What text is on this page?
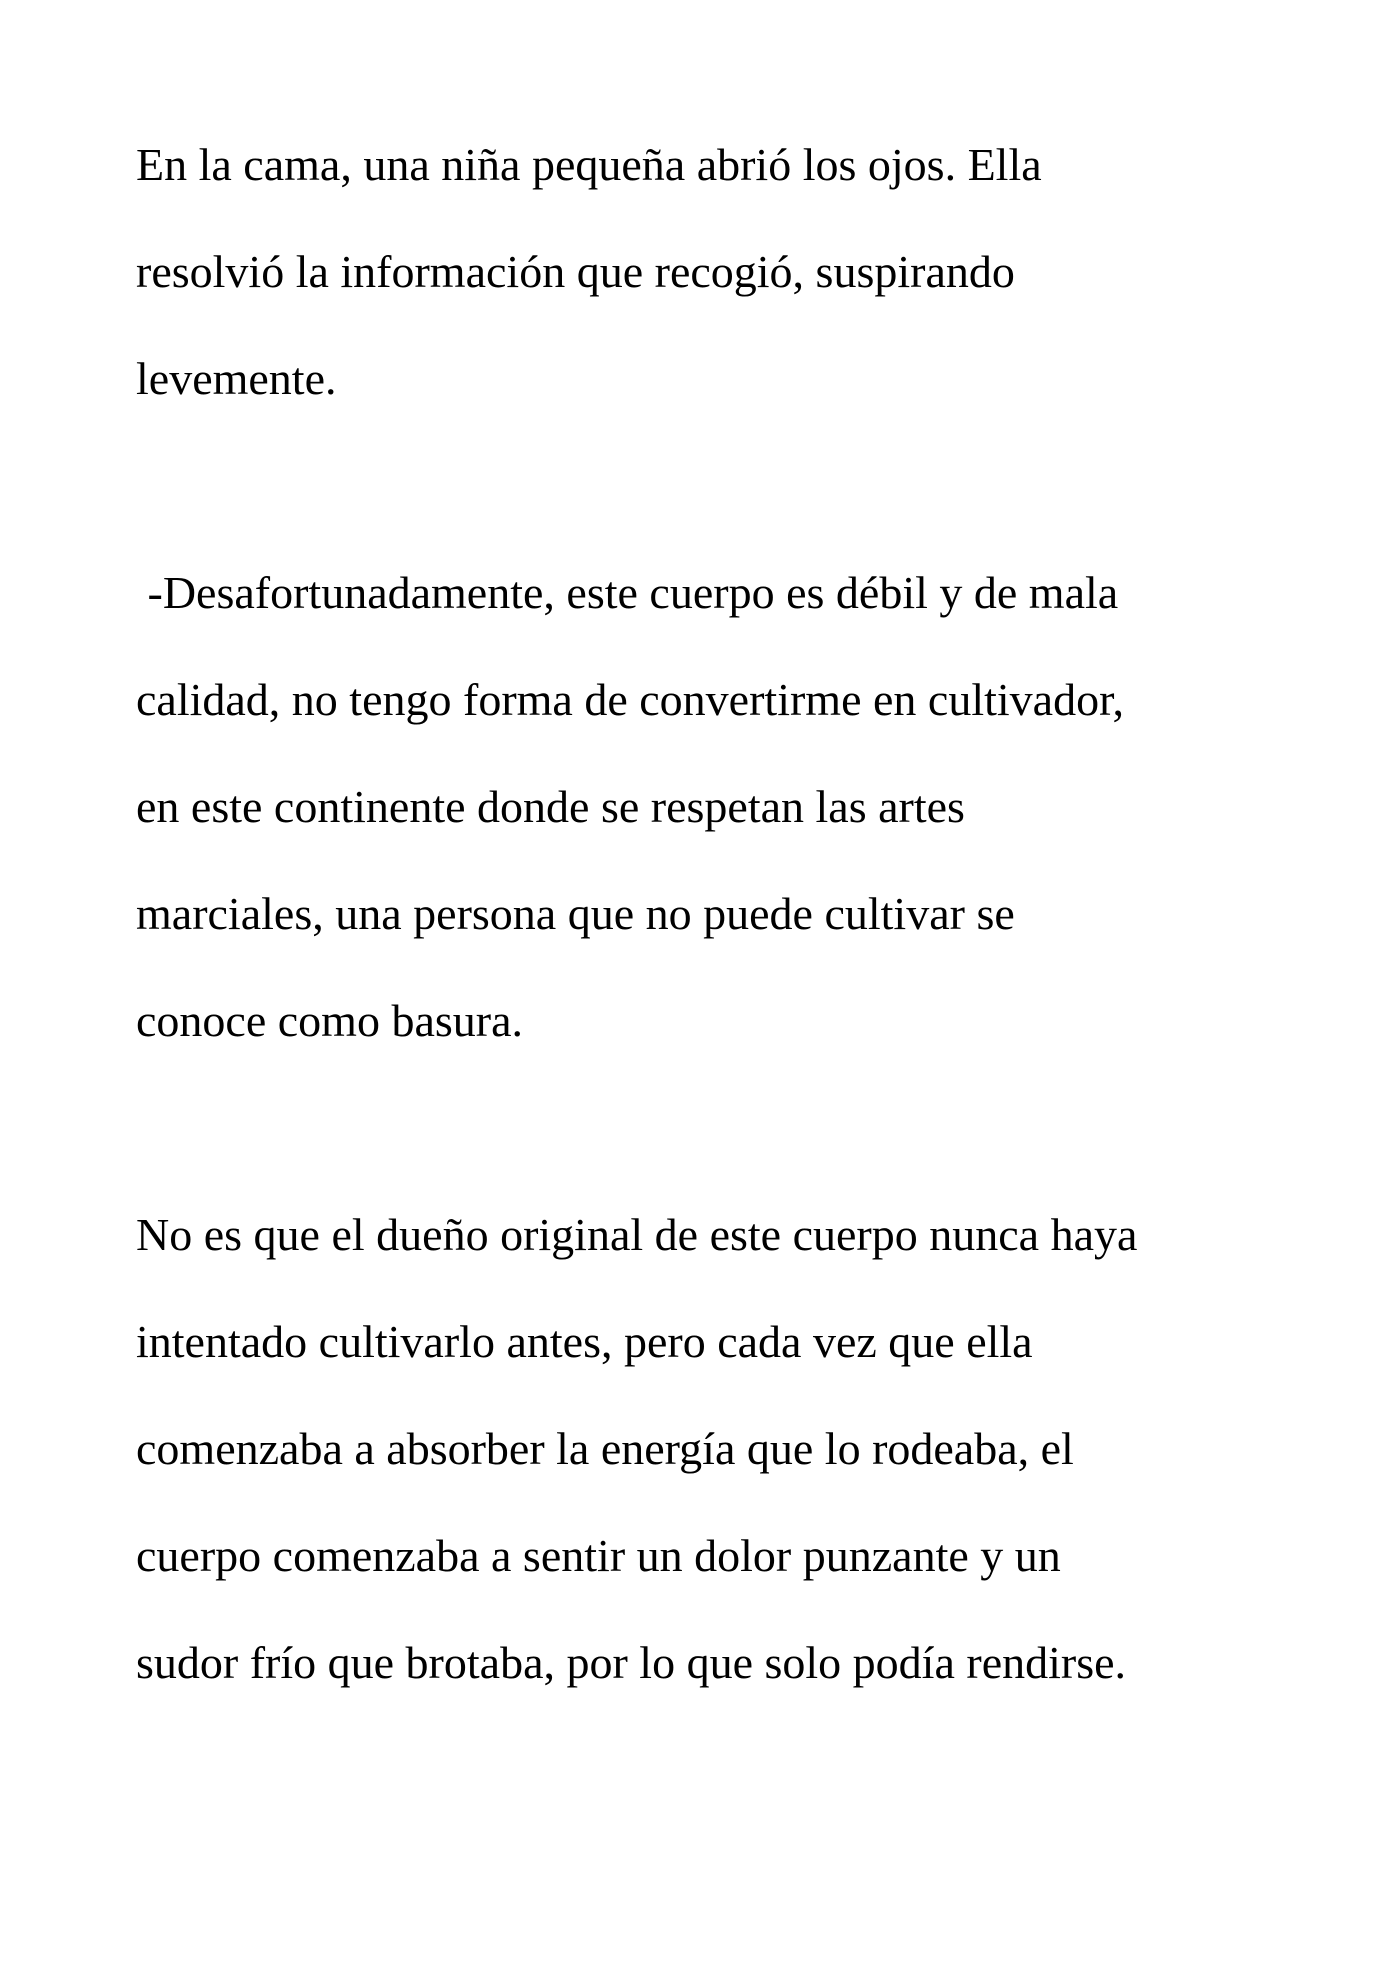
En la cama, una niña pequeña abrió los ojos. Ella

resolvió la información que recogió, suspirando

levemente.

-Desafortunadamente, este cuerpo es débil y de mala

calidad, no tengo forma de convertirme en cultivador,

en este continente donde se respetan las artes

marciales, una persona que no puede cultivar se

conoce como basura.

No es que el dueño original de este cuerpo nunca haya

intentado cultivarlo antes, pero cada vez que ella

comenzaba a absorber la energía que lo rodeaba, el

cuerpo comenzaba a sentir un dolor punzante y un

sudor frío que brotaba, por lo que solo podía rendirse.
